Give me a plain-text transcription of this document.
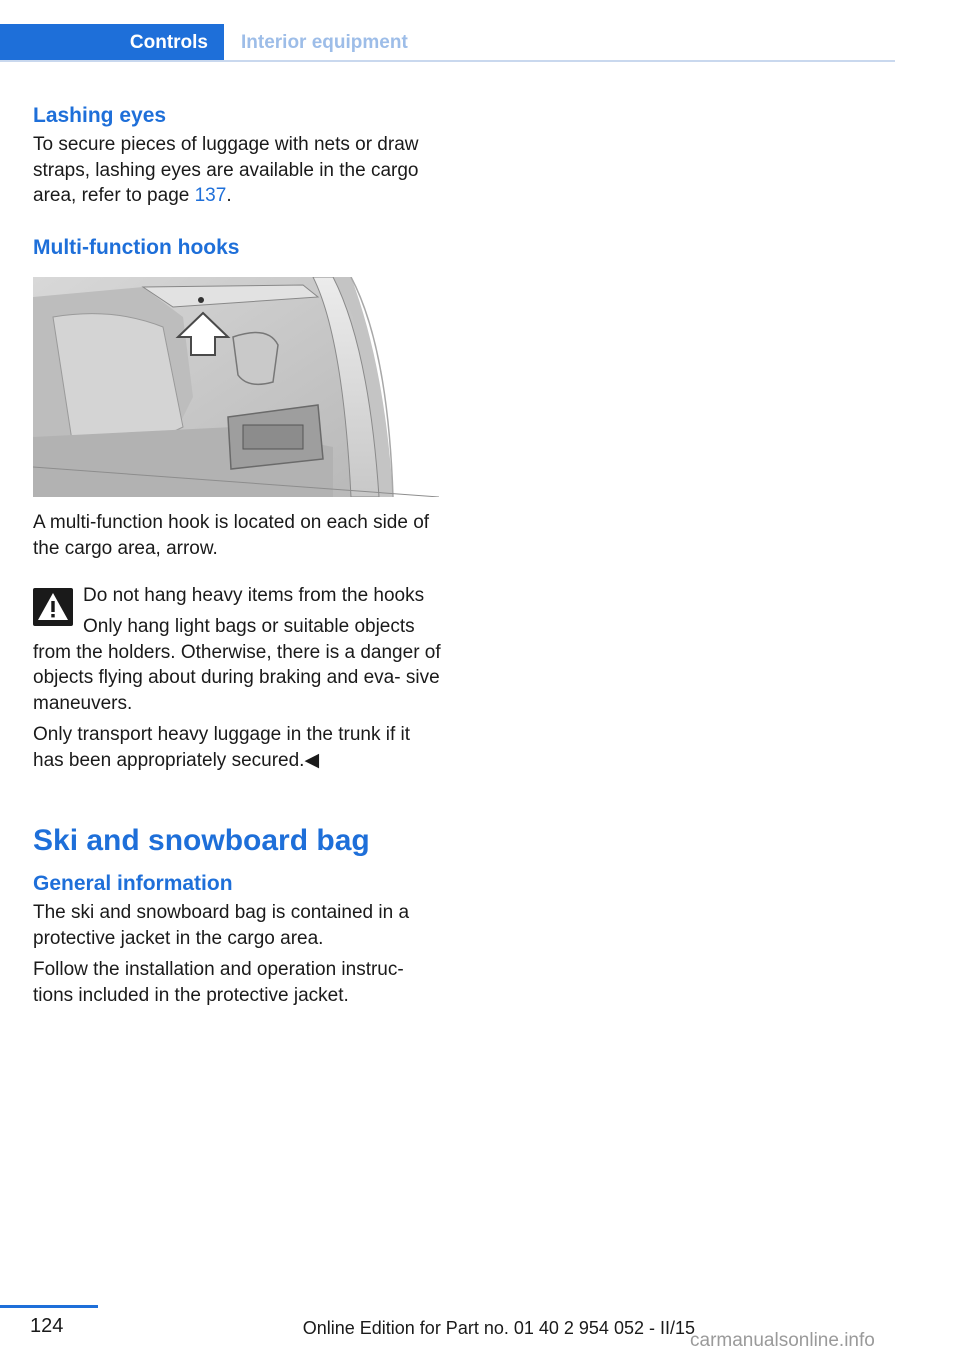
Controls Interior equipment
Lashing eyes

To secure pieces of luggage with nets or draw straps, lashing eyes are available in the cargo area, refer to page 137.

Multi-function hooks

A multi-function hook is located on each side of the cargo area, arrow.

Do not hang heavy items from the hooks

Only hang light bags or suitable objects from the holders. Otherwise, there is a danger of objects flying about during braking and eva- sive maneuvers.

Only transport heavy luggage in the trunk if it has been appropriately secured.◀

Ski and snowboard bag
General information

The ski and snowboard bag is contained in a protective jacket in the cargo area.

Follow the installation and operation instruc- tions included in the protective jacket.

124	Online Edition for Part no. 01 40 2 954 052 - II/15
carmanualsonline.info
